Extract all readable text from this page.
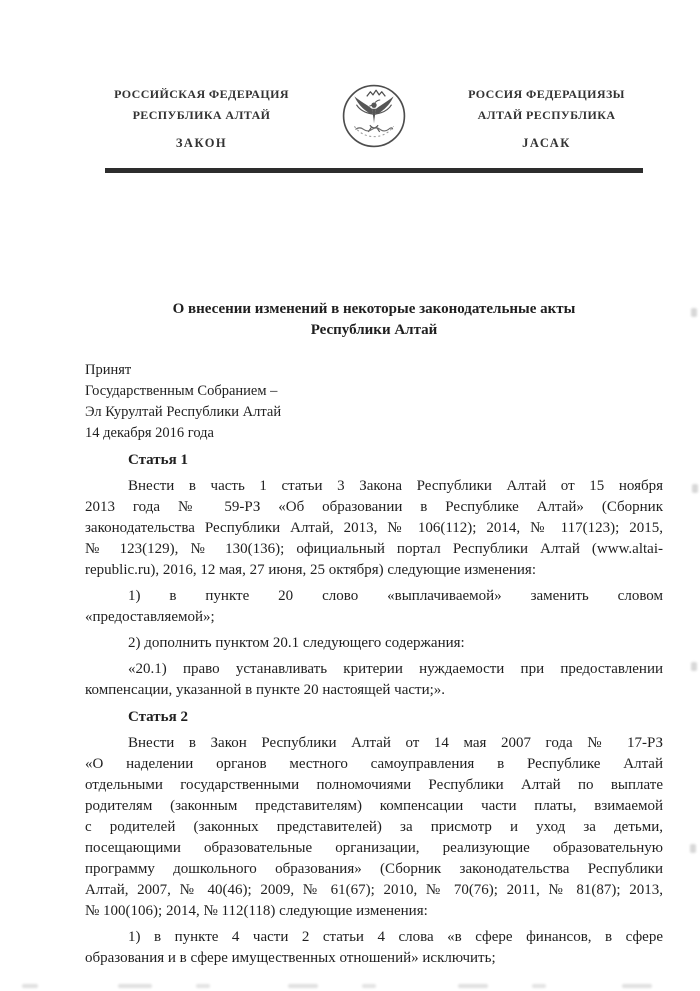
РОССИЙСКАЯ ФЕДЕРАЦИЯ
РЕСПУБЛИКА АЛТАЙ
ЗАКОН
РОССИЯ ФЕДЕРАЦИЯЗЫ
АЛТАЙ РЕСПУБЛИКА
JАСАК
О внесении изменений в некоторые законодательные акты
Республики Алтай
Принят
Государственным Собранием –
Эл Курултай Республики Алтай
14 декабря 2016 года
Статья 1
Внести в часть 1 статьи 3 Закона Республики Алтай от 15 ноября
2013 года № 59-РЗ «Об образовании в Республике Алтай» (Сборник
законодательства Республики Алтай, 2013, № 106(112); 2014, № 117(123); 2015,
№ 123(129), № 130(136); официальный портал Республики Алтай (www.altai-
republic.ru), 2016, 12 мая, 27 июня, 25 октября) следующие изменения:
1) в пункте 20 слово «выплачиваемой» заменить словом
«предоставляемой»;
2) дополнить пунктом 20.1 следующего содержания:
«20.1) право устанавливать критерии нуждаемости при предоставлении
компенсации, указанной в пункте 20 настоящей части;».
Статья 2
Внести в Закон Республики Алтай от 14 мая 2007 года № 17-РЗ
«О наделении органов местного самоуправления в Республике Алтай
отдельными государственными полномочиями Республики Алтай по выплате
родителям (законным представителям) компенсации части платы, взимаемой
с родителей (законных представителей) за присмотр и уход за детьми,
посещающими образовательные организации, реализующие образовательную
программу дошкольного образования» (Сборник законодательства Республики
Алтай, 2007, № 40(46); 2009, № 61(67); 2010, № 70(76); 2011, № 81(87); 2013,
№ 100(106); 2014, № 112(118) следующие изменения:
1) в пункте 4 части 2 статьи 4 слова «в сфере финансов, в сфере
образования и в сфере имущественных отношений» исключить;
